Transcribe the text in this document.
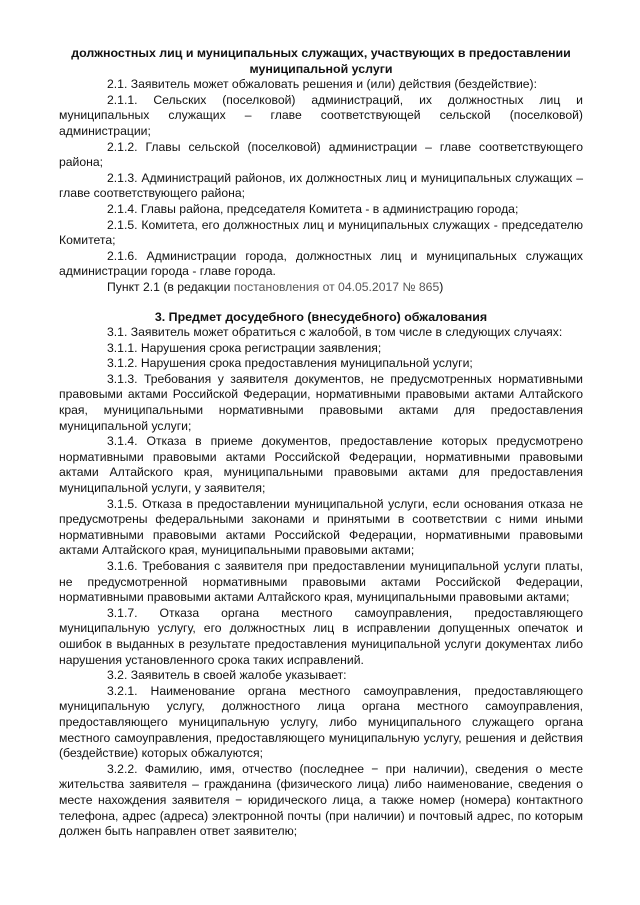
должностных лиц и муниципальных служащих, участвующих в предоставлении муниципальной услуги

2.1. Заявитель может обжаловать решения и (или) действия (бездействие):

2.1.1. Сельских (поселковой) администраций, их должностных лиц и муниципальных служащих – главе соответствующей сельской (поселковой) администрации;

2.1.2. Главы сельской (поселковой) администрации – главе соответствующего района;

2.1.3. Администраций районов, их должностных лиц и муниципальных служащих – главе соответствующего района;

2.1.4. Главы района, председателя Комитета - в администрацию города;

2.1.5. Комитета, его должностных лиц и муниципальных служащих - председателю Комитета;

2.1.6. Администрации города, должностных лиц и муниципальных служащих администрации города - главе города.

Пункт 2.1 (в редакции постановления от 04.05.2017 № 865)

3. Предмет досудебного (внесудебного) обжалования

3.1. Заявитель может обратиться с жалобой, в том числе в следующих случаях:

3.1.1. Нарушения срока регистрации заявления;

3.1.2. Нарушения срока предоставления муниципальной услуги;

3.1.3. Требования у заявителя документов, не предусмотренных нормативными правовыми актами Российской Федерации, нормативными правовыми актами Алтайского края, муниципальными нормативными правовыми актами для предоставления муниципальной услуги;

3.1.4. Отказа в приеме документов, предоставление которых предусмотрено нормативными правовыми актами Российской Федерации, нормативными правовыми актами Алтайского края, муниципальными правовыми актами для предоставления муниципальной услуги, у заявителя;

3.1.5. Отказа в предоставлении муниципальной услуги, если основания отказа не предусмотрены федеральными законами и принятыми в соответствии с ними иными нормативными правовыми актами Российской Федерации, нормативными правовыми актами Алтайского края, муниципальными правовыми актами;

3.1.6. Требования с заявителя при предоставлении муниципальной услуги платы, не предусмотренной нормативными правовыми актами Российской Федерации, нормативными правовыми актами Алтайского края, муниципальными правовыми актами;

3.1.7. Отказа органа местного самоуправления, предоставляющего муниципальную услугу, его должностных лиц в исправлении допущенных опечаток и ошибок в выданных в результате предоставления муниципальной услуги документах либо нарушения установленного срока таких исправлений.

3.2. Заявитель в своей жалобе указывает:

3.2.1. Наименование органа местного самоуправления, предоставляющего муниципальную услугу, должностного лица органа местного самоуправления, предоставляющего муниципальную услугу, либо муниципального служащего органа местного самоуправления, предоставляющего муниципальную услугу, решения и действия (бездействие) которых обжалуются;

3.2.2. Фамилию, имя, отчество (последнее − при наличии), сведения о месте жительства заявителя – гражданина (физического лица) либо наименование, сведения о месте нахождения заявителя − юридического лица, а также номер (номера) контактного телефона, адрес (адреса) электронной почты (при наличии) и почтовый адрес, по которым должен быть направлен ответ заявителю;
